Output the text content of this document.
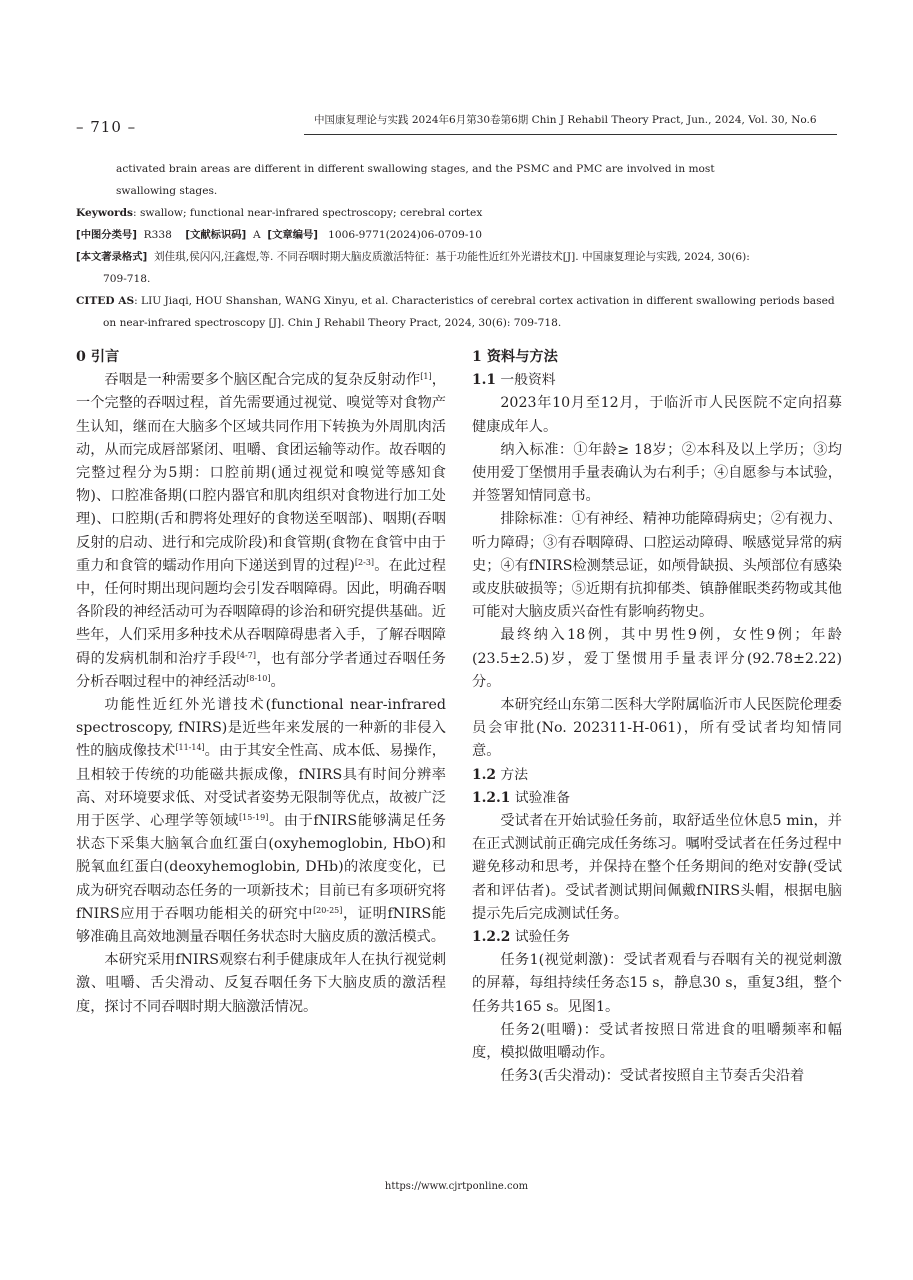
– 710 –	中国康复理论与实践 2024年6月第30卷第6期 Chin J Rehabil Theory Pract, Jun., 2024, Vol. 30, No.6

activated brain areas are different in different swallowing stages, and the PSMC and PMC are involved in most swallowing stages.

Keywords: swallow; functional near-infrared spectroscopy; cerebral cortex

[中图分类号] R338 [文献标识码] A [文章编号] 1006-9771(2024)06-0709-10

[本文著录格式] 刘佳琪,侯闪闪,汪鑫煜,等. 不同吞咽时期大脑皮质激活特征：基于功能性近红外光谱技术[J]. 中国康复理论与实践, 2024, 30(6): 709-718.

CITED AS: LIU Jiaqi, HOU Shanshan, WANG Xinyu, et al. Characteristics of cerebral cortex activation in different swallowing periods based on near-infrared spectroscopy [J]. Chin J Rehabil Theory Pract, 2024, 30(6): 709-718.

0 引言

吞咽是一种需要多个脑区配合完成的复杂反射动作[1]，一个完整的吞咽过程，首先需要通过视觉、嗅觉等对食物产生认知，继而在大脑多个区域共同作用下转换为外周肌肉活动，从而完成唇部紧闭、咀嚼、食团运输等动作。故吞咽的完整过程分为5期：口腔前期(通过视觉和嗅觉等感知食物)、口腔准备期(口腔内器官和肌肉组织对食物进行加工处理)、口腔期(舌和腭将处理好的食物送至咽部)、咽期(吞咽反射的启动、进行和完成阶段)和食管期(食物在食管中由于重力和食管的蠕动作用向下递送到胃的过程)[2-3]。在此过程中，任何时期出现问题均会引发吞咽障碍。因此，明确吞咽各阶段的神经活动可为吞咽障碍的诊治和研究提供基础。近些年，人们采用多种技术从吞咽障碍患者入手，了解吞咽障碍的发病机制和治疗手段[4-7]，也有部分学者通过吞咽任务分析吞咽过程中的神经活动[8-10]。

功能性近红外光谱技术(functional near-infrared spectroscopy, fNIRS)是近些年来发展的一种新的非侵入性的脑成像技术[11-14]。由于其安全性高、成本低、易操作，且相较于传统的功能磁共振成像，fNIRS具有时间分辨率高、对环境要求低、对受试者姿势无限制等优点，故被广泛用于医学、心理学等领域[15-19]。由于fNIRS能够满足任务状态下采集大脑氧合血红蛋白(oxyhemoglobin, HbO)和脱氧血红蛋白(deoxyhemoglobin, DHb)的浓度变化，已成为研究吞咽动态任务的一项新技术；目前已有多项研究将fNIRS应用于吞咽功能相关的研究中[20-25]，证明fNIRS能够准确且高效地测量吞咽任务状态时大脑皮质的激活模式。

本研究采用fNIRS观察右利手健康成年人在执行视觉刺激、咀嚼、舌尖滑动、反复吞咽任务下大脑皮质的激活程度，探讨不同吞咽时期大脑激活情况。

1 资料与方法

1.1 一般资料

2023年10月至12月，于临沂市人民医院不定向招募健康成年人。

纳入标准：①年龄≥ 18岁；②本科及以上学历；③均使用爱丁堡惯用手量表确认为右利手；④自愿参与本试验，并签署知情同意书。

排除标准：①有神经、精神功能障碍病史；②有视力、听力障碍；③有吞咽障碍、口腔运动障碍、喉感觉异常的病史；④有fNIRS检测禁忌证，如颅骨缺损、头颅部位有感染或皮肤破损等；⑤近期有抗抑郁类、镇静催眠类药物或其他可能对大脑皮质兴奋性有影响药物史。

最终纳入18例，其中男性9例，女性9例；年龄(23.5±2.5)岁，爱丁堡惯用手量表评分(92.78±2.22)分。

本研究经山东第二医科大学附属临沂市人民医院伦理委员会审批(No. 202311-H-061)，所有受试者均知情同意。

1.2 方法

1.2.1 试验准备

受试者在开始试验任务前，取舒适坐位休息5 min，并在正式测试前正确完成任务练习。嘱咐受试者在任务过程中避免移动和思考，并保持在整个任务期间的绝对安静(受试者和评估者)。受试者测试期间佩戴fNIRS头帽，根据电脑提示先后完成测试任务。

1.2.2 试验任务

任务1(视觉刺激)：受试者观看与吞咽有关的视觉刺激的屏幕，每组持续任务态15 s，静息30 s，重复3组，整个任务共165 s。见图1。

任务2(咀嚼)：受试者按照日常进食的咀嚼频率和幅度，模拟做咀嚼动作。

任务3(舌尖滑动)：受试者按照自主节奏舌尖沿着

https://www.cjrtponline.com
